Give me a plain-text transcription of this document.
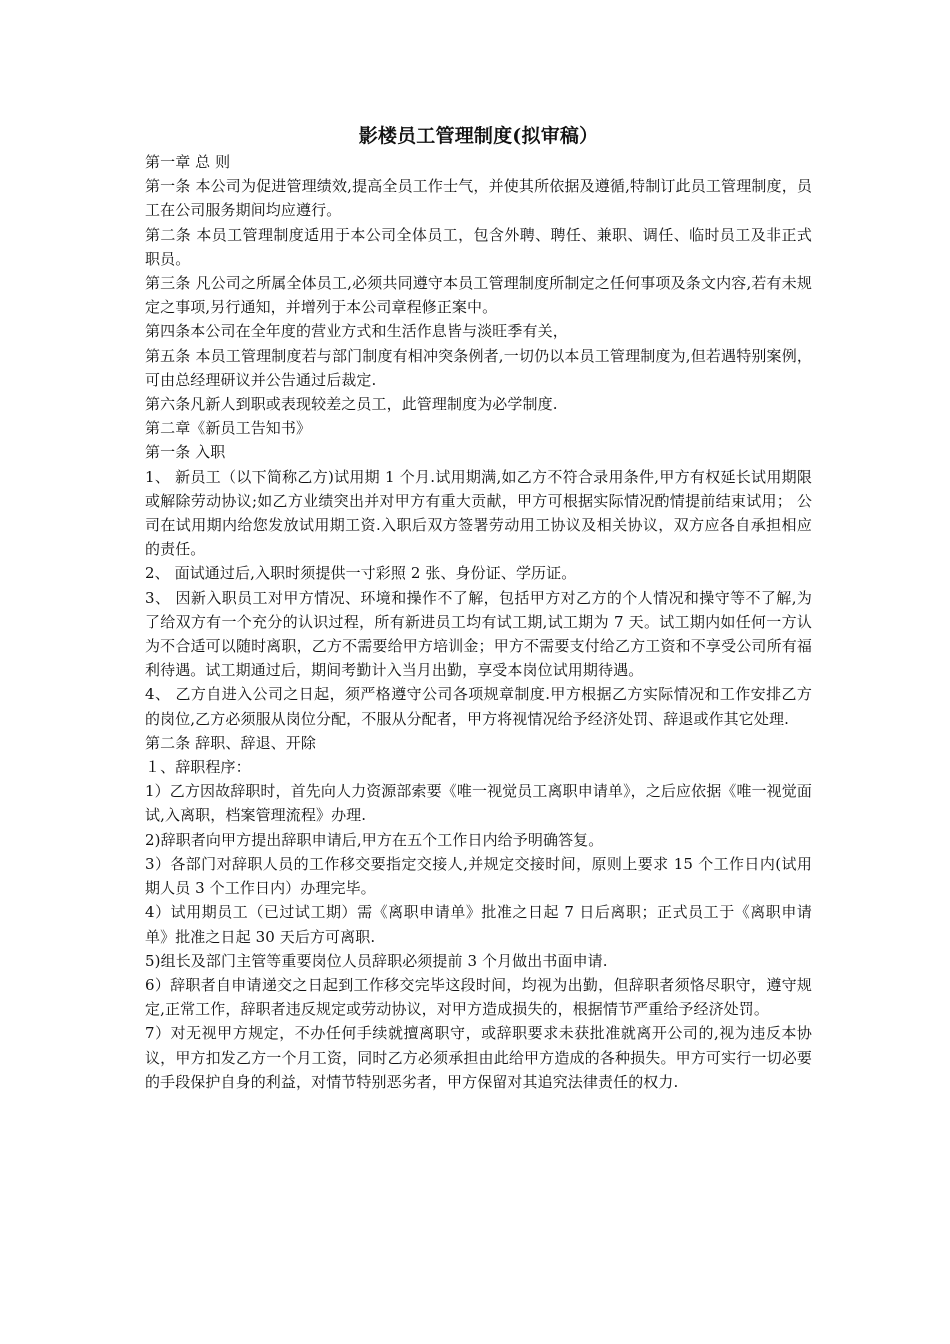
影楼员工管理制度(拟审稿）

第一章 总 则

第一条 本公司为促进管理绩效,提高全员工作士气，并使其所依据及遵循,特制订此员工管理制度，员工在公司服务期间均应遵行。

第二条 本员工管理制度适用于本公司全体员工，包含外聘、聘任、兼职、调任、临时员工及非正式职员。

第三条 凡公司之所属全体员工,必须共同遵守本员工管理制度所制定之任何事项及条文内容,若有未规定之事项,另行通知，并增列于本公司章程修正案中。

第四条本公司在全年度的营业方式和生活作息皆与淡旺季有关，

第五条 本员工管理制度若与部门制度有相冲突条例者,一切仍以本员工管理制度为,但若遇特别案例，可由总经理研议并公告通过后裁定.

第六条凡新人到职或表现较差之员工，此管理制度为必学制度.

第二章《新员工告知书》

第一条 入职

1、 新员工（以下简称乙方)试用期 1 个月.试用期满,如乙方不符合录用条件,甲方有权延长试用期限或解除劳动协议;如乙方业绩突出并对甲方有重大贡献，甲方可根据实际情况酌情提前结束试用； 公司在试用期内给您发放试用期工资.入职后双方签署劳动用工协议及相关协议，双方应各自承担相应的责任。

2、 面试通过后,入职时须提供一寸彩照 2 张、身份证、学历证。

3、 因新入职员工对甲方情况、环境和操作不了解，包括甲方对乙方的个人情况和操守等不了解,为了给双方有一个充分的认识过程，所有新进员工均有试工期,试工期为 7 天。试工期内如任何一方认为不合适可以随时离职，乙方不需要给甲方培训金；甲方不需要支付给乙方工资和不享受公司所有福利待遇。试工期通过后，期间考勤计入当月出勤，享受本岗位试用期待遇。

4、 乙方自进入公司之日起，须严格遵守公司各项规章制度.甲方根据乙方实际情况和工作安排乙方的岗位,乙方必须服从岗位分配，不服从分配者，甲方将视情况给予经济处罚、辞退或作其它处理.

第二条 辞职、辞退、开除

１、辞职程序：

1）乙方因故辞职时，首先向人力资源部索要《唯一视觉员工离职申请单》，之后应依据《唯一视觉面试,入离职，档案管理流程》办理.

2)辞职者向甲方提出辞职申请后,甲方在五个工作日内给予明确答复。

3）各部门对辞职人员的工作移交要指定交接人,并规定交接时间，原则上要求 15 个工作日内(试用期人员 3 个工作日内）办理完毕。

4）试用期员工（已过试工期）需《离职申请单》批准之日起 7 日后离职；正式员工于《离职申请单》批准之日起 30 天后方可离职.

5)组长及部门主管等重要岗位人员辞职必须提前 3 个月做出书面申请.

6）辞职者自申请递交之日起到工作移交完毕这段时间，均视为出勤，但辞职者须恪尽职守，遵守规定,正常工作，辞职者违反规定或劳动协议，对甲方造成损失的，根据情节严重给予经济处罚。

7）对无视甲方规定，不办任何手续就擅离职守，或辞职要求未获批准就离开公司的,视为违反本协议，甲方扣发乙方一个月工资，同时乙方必须承担由此给甲方造成的各种损失。甲方可实行一切必要的手段保护自身的利益，对情节特别恶劣者，甲方保留对其追究法律责任的权力.
